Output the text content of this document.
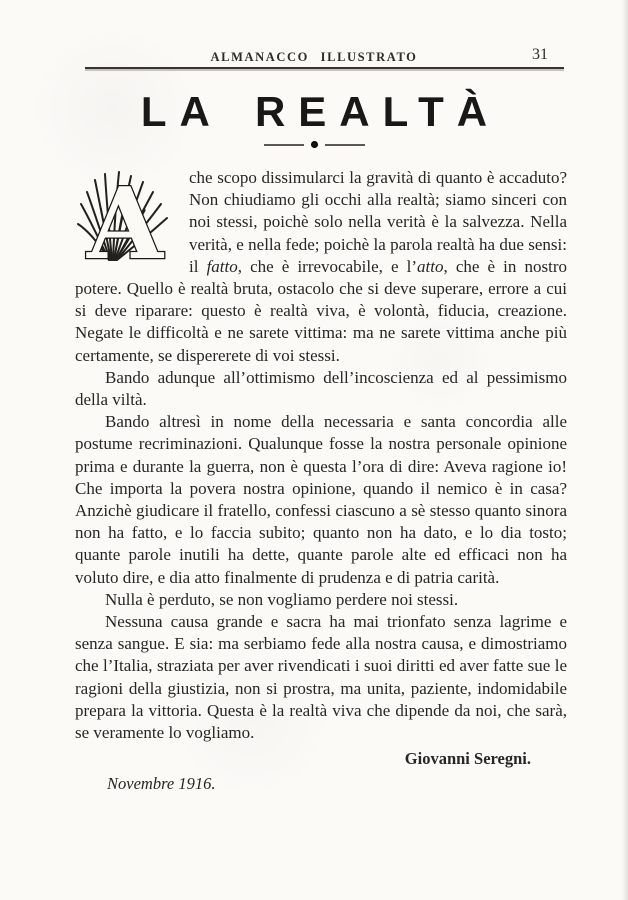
ALMANACCO ILLUSTRATO	31
LA REALTÀ

A che scopo dissimularci la gravità di quanto è accaduto? Non chiudiamo gli occhi alla realtà; siamo sinceri con noi stessi, poichè solo nella verità è la salvezza. Nella verità, e nella fede; poichè la parola realtà ha due sensi: il fatto, che è irrevocabile, e l’atto, che è in nostro potere. Quello è realtà bruta, ostacolo che si deve superare, errore a cui si deve riparare: questo è realtà viva, è volontà, fiducia, creazione. Negate le difficoltà e ne sarete vittima: ma ne sarete vittima anche più certamente, se dispererete di voi stessi.

Bando adunque all’ottimismo dell’incoscienza ed al pessimismo della viltà.

Bando altresì in nome della necessaria e santa concordia alle postume recriminazioni. Qualunque fosse la nostra personale opinione prima e durante la guerra, non è questa l’ora di dire: Aveva ragione io! Che importa la povera nostra opinione, quando il nemico è in casa? Anzichè giudicare il fratello, confessi ciascuno a sè stesso quanto sinora non ha fatto, e lo faccia subito; quanto non ha dato, e lo dia tosto; quante parole inutili ha dette, quante parole alte ed efficaci non ha voluto dire, e dia atto finalmente di prudenza e di patria carità.

Nulla è perduto, se non vogliamo perdere noi stessi.

Nessuna causa grande e sacra ha mai trionfato senza lagrime e senza sangue. E sia: ma serbiamo fede alla nostra causa, e dimostriamo che l’Italia, straziata per aver rivendicati i suoi diritti ed aver fatte sue le ragioni della giustizia, non si prostra, ma unita, paziente, indomidabile prepara la vittoria. Questa è la realtà viva che dipende da noi, che sarà, se veramente lo vogliamo.

Giovanni Seregni.
Novembre 1916.
